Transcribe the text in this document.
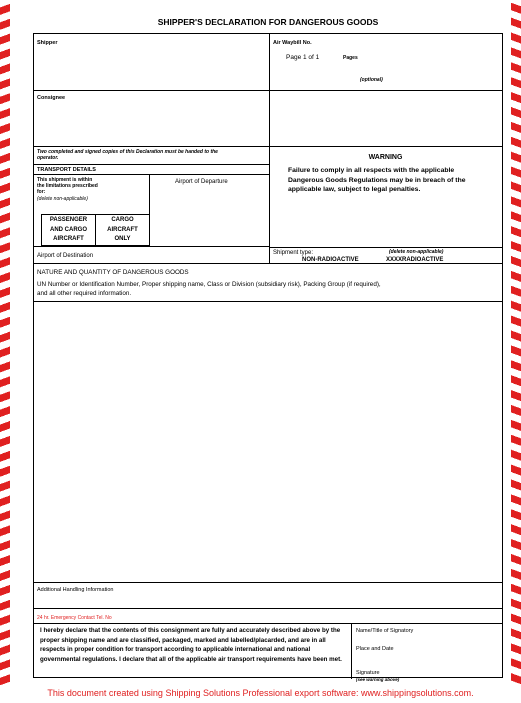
SHIPPER'S DECLARATION FOR DANGEROUS GOODS
Shipper	Air Waybill No.
Page 1 of 1	Pages
(optional)
Consignee
Two completed and signed copies of this Declaration must be handed to the operator.
TRANSPORT DETAILS
This shipment is within
the limitations prescribed
for:
(delete non-applicable)
PASSENGER
AND CARGO
AIRCRAFT
CARGO
AIRCRAFT
ONLY
Airport of Departure
Airport of Destination
WARNING
Failure to comply in all respects with the applicable Dangerous Goods Regulations may be in breach of the applicable law, subject to legal penalties.
Shipment type:	(delete non-applicable)
NON-RADIOACTIVE	XXXXRADIOACTIVE
NATURE AND QUANTITY OF DANGEROUS GOODS
UN Number or Identification Number, Proper shipping name, Class or Division (subsidiary risk), Packing Group (if required),
and all other required information.
Additional Handling Information
24 hr. Emergency Contact Tel. No
I hereby declare that the contents of this consignment are fully and accurately described above by the proper shipping name and are classified, packaged, marked and labelled/placarded, and are in all respects in proper condition for transport according to applicable international and national governmental regulations. I declare that all of the applicable air transport requirements have been met.
Name/Title of Signatory
Place and Date
Signature
(see warning above)
This document created using Shipping Solutions Professional export software: www.shippingsolutions.com.
